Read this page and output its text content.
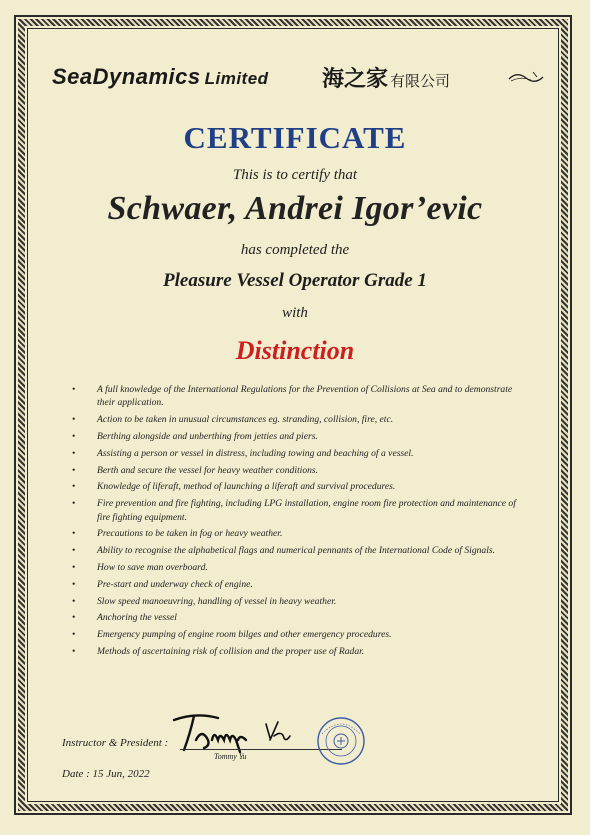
SeaDynamics Limited 海之家 有限公司
CERTIFICATE
This is to certify that
Schwaer, Andrei Igor’evic
has completed the
Pleasure Vessel Operator Grade 1
with
Distinction
• A full knowledge of the International Regulations for the Prevention of Collisions at Sea and to demonstrate their application.
• Action to be taken in unusual circumstances eg. stranding, collision, fire, etc.
• Berthing alongside and unberthing from jetties and piers.
• Assisting a person or vessel in distress, including towing and beaching of a vessel.
• Berth and secure the vessel for heavy weather conditions.
• Knowledge of liferaft, method of launching a liferaft and survival procedures.
• Fire prevention and fire fighting, including LPG installation, engine room fire protection and maintenance of fire fighting equipment.
• Precautions to be taken in fog or heavy weather.
• Ability to recognise the alphabetical flags and numerical pennants of the International Code of Signals.
• How to save man overboard.
• Pre-start and underway check of engine.
• Slow speed manoeuvring, handling of vessel in heavy weather.
• Anchoring the vessel
• Emergency pumping of engine room bilges and other emergency procedures.
• Methods of ascertaining risk of collision and the proper use of Radar.
Instructor & President :
Tommy Yu
Date : 15 Jun, 2022
